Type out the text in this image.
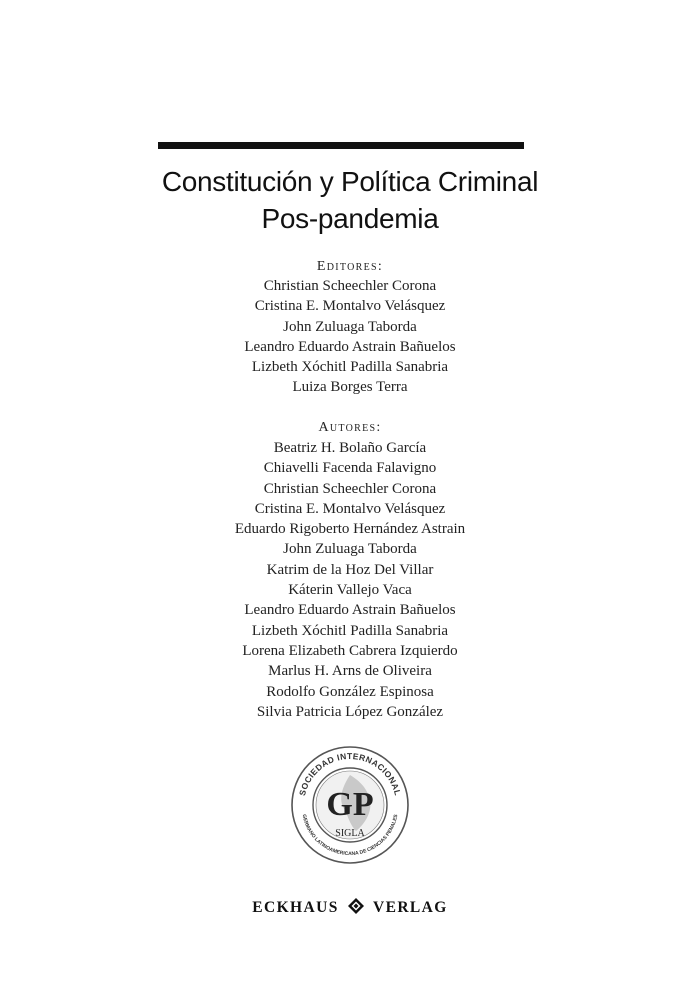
Constitución y Política Criminal
Pos-pandemia
Editores:
Christian Scheechler Corona
Cristina E. Montalvo Velásquez
John Zuluaga Taborda
Leandro Eduardo Astrain Bañuelos
Lizbeth Xóchitl Padilla Sanabria
Luiza Borges Terra
Autores:
Beatriz H. Bolaño García
Chiavelli Facenda Falavigno
Christian Scheechler Corona
Cristina E. Montalvo Velásquez
Eduardo Rigoberto Hernández Astrain
John Zuluaga Taborda
Katrim de la Hoz Del Villar
Káterin Vallejo Vaca
Leandro Eduardo Astrain Bañuelos
Lizbeth Xóchitl Padilla Sanabria
Lorena Elizabeth Cabrera Izquierdo
Marlus H. Arns de Oliveira
Rodolfo González Espinosa
Silvia Patricia López González
SOCIEDAD INTERNACIONAL
GERMANO LATINOAMERICANA DE CIENCIAS PENALES
GP
SIGLA
ECKHAUS VERLAG
